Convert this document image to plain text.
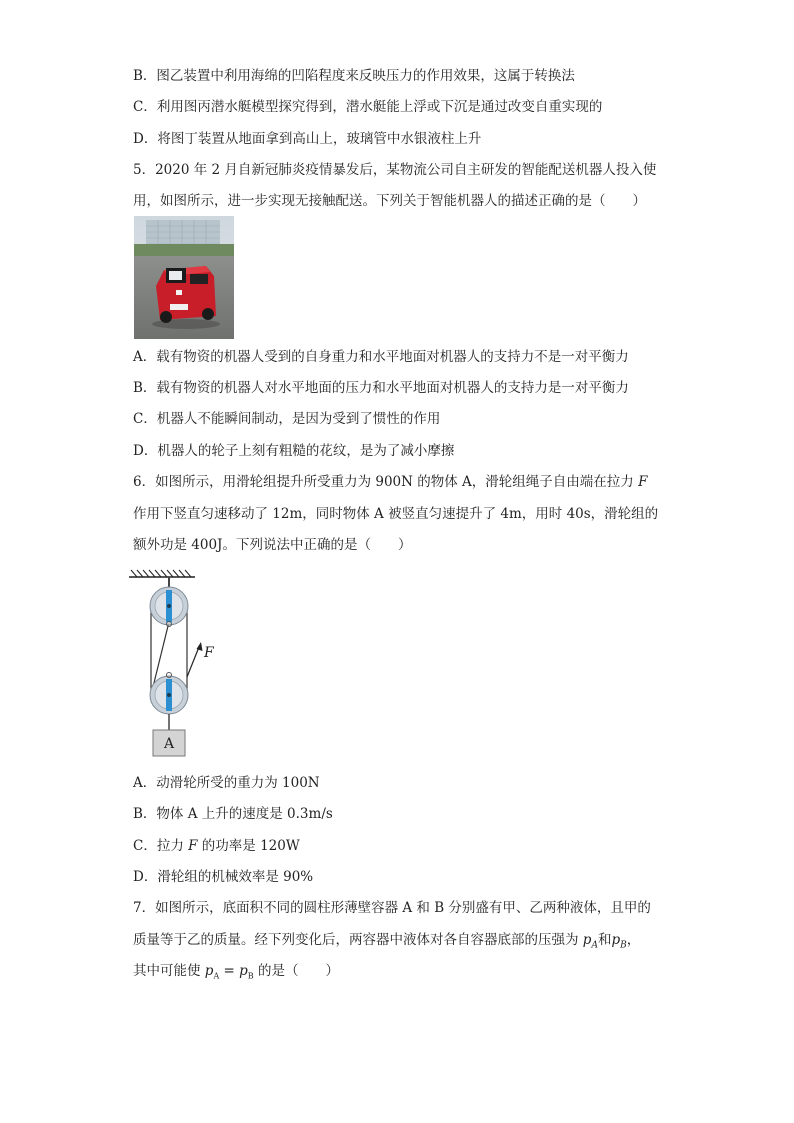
B．图乙装置中利用海绵的凹陷程度来反映压力的作用效果，这属于转换法
C．利用图丙潜水艇模型探究得到，潜水艇能上浮或下沉是通过改变自重实现的
D．将图丁装置从地面拿到高山上，玻璃管中水银液柱上升
5．2020 年 2 月自新冠肺炎疫情暴发后，某物流公司自主研发的智能配送机器人投入使
用，如图所示，进一步实现无接触配送。下列关于智能机器人的描述正确的是（　　）
A．载有物资的机器人受到的自身重力和水平地面对机器人的支持力不是一对平衡力
B．载有物资的机器人对水平地面的压力和水平地面对机器人的支持力是一对平衡力
C．机器人不能瞬间制动，是因为受到了惯性的作用
D．机器人的轮子上刻有粗糙的花纹，是为了减小摩擦
6．如图所示，用滑轮组提升所受重力为 900N 的物体 A，滑轮组绳子自由端在拉力 F
作用下竖直匀速移动了 12m，同时物体 A 被竖直匀速提升了 4m，用时 40s，滑轮组的
额外功是 400J。下列说法中正确的是（　　）
F
A
A．动滑轮所受的重力为 100N
B．物体 A 上升的速度是 0.3m/s
C．拉力 F 的功率是 120W
D．滑轮组的机械效率是 90%
7．如图所示，底面积不同的圆柱形薄壁容器 A 和 B 分别盛有甲、乙两种液体，且甲的
质量等于乙的质量。经下列变化后，两容器中液体对各自容器底部的压强为 $p_A$和$p_B$，
其中可能使 $p_A = p_B$ 的是（　　）
